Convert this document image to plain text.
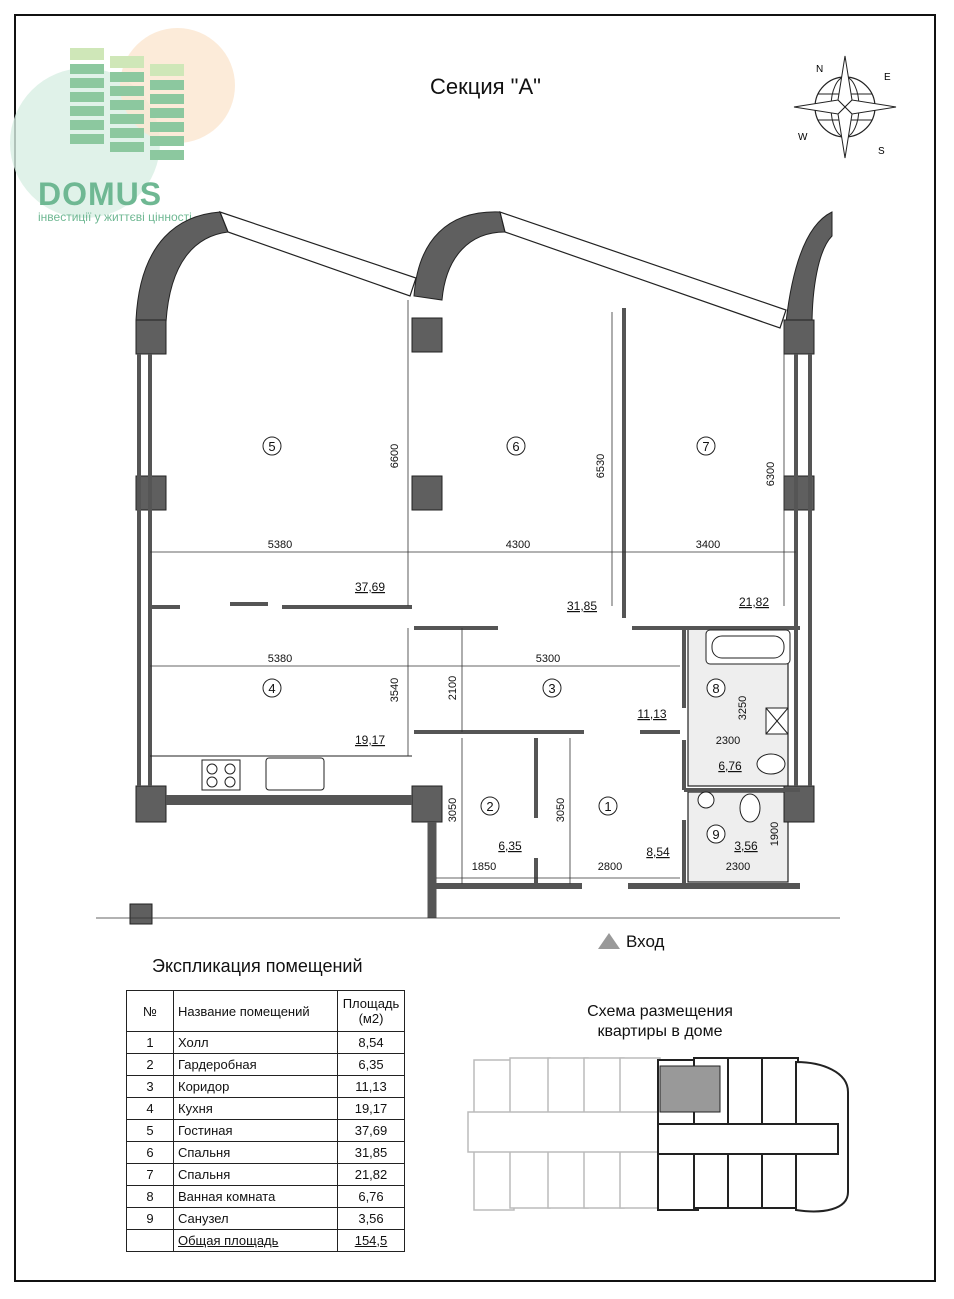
DOMUS
інвестиції у життєві цінності
Секция "А"
N
E
S
W
5	6	7
4	3	8
2	1
9
37,69
31,85	21,82
19,17
11,13
6,76
6,35	8,54	3,56
5380	4300	3400
5380	5300
2300
1850	2800	2300
6600	6530	6300
3540	2100
3250
3050	3050
1900
Вход
Экспликация помещений
№	Название помещений	Площадь (м2)
1	Холл	8,54
2	Гардеробная	6,35
3	Коридор	11,13
4	Кухня	19,17
5	Гостиная	37,69
6	Спальня	31,85
7	Спальня	21,82
8	Ванная комната	6,76
9	Санузел	3,56
	Общая площадь	154,5
Схема размещения
квартиры в доме
